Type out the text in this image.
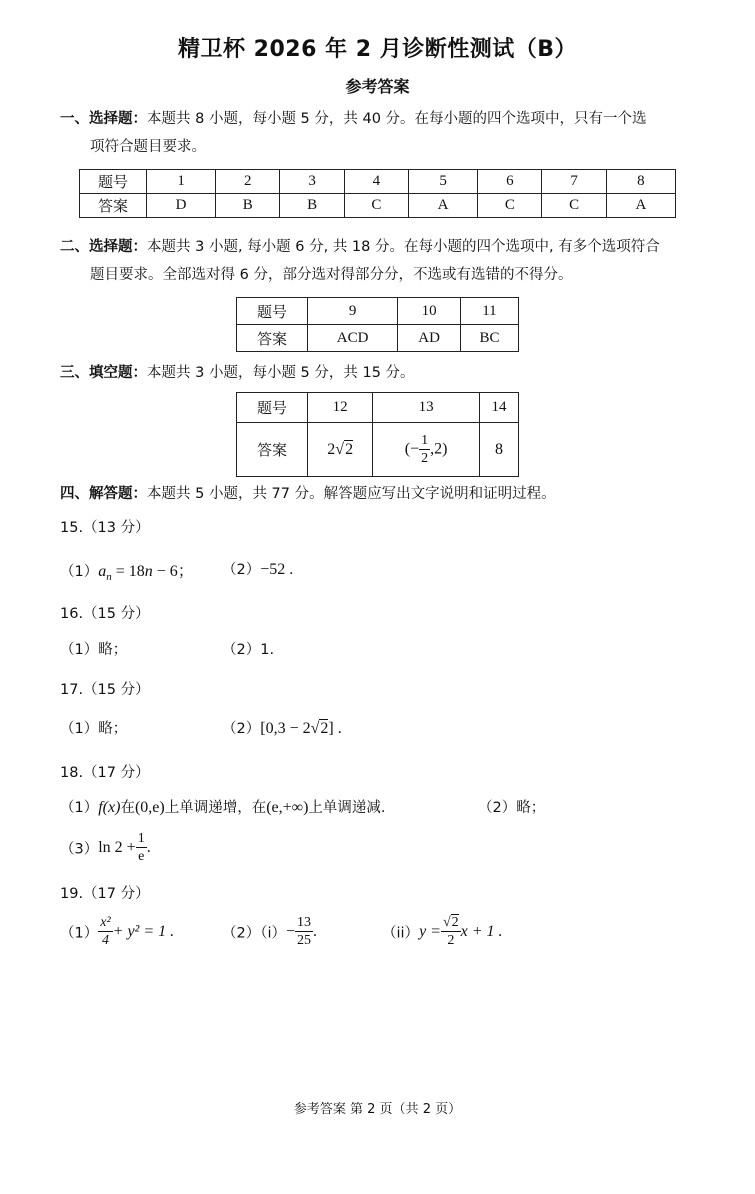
精卫杯 2026 年 2 月诊断性测试（B）
参考答案
一、选择题：本题共 8 小题，每小题 5 分，共 40 分。在每小题的四个选项中，只有一个选
项符合题目要求。
题号	1	2	3	4	5	6	7	8
答案	D	B	B	C	A	C	C	A
二、选择题：本题共 3 小题, 每小题 6 分, 共 18 分。在每小题的四个选项中, 有多个选项符合
题目要求。全部选对得 6 分，部分选对得部分分，不选或有选错的不得分。
题号	9	10	11
答案	ACD	AD	BC
三、填空题：本题共 3 小题，每小题 5 分，共 15 分。
题号	12	13	14
答案	2√2	(− $\frac{1}{2} ,2$)	8
四、解答题：本题共 5 小题，共 77 分。解答题应写出文字说明和证明过程。
15.（13 分）
$(1)a_n = 18n - 6$； （2）−52 .
16.（15 分）
（1）略；	（2）1.
17.（15 分）
（1）略；	（2）[0,3 − 2√2] .
18.（17 分）
（1）f(x)在(0,e)上单调递增，在(e,+∞)上单调递减.	（2）略；
（3）ln $2 + \frac{1}{e}$ .
19.（17 分）
$(1) \frac{\text{x²}}{4} + y^2 = 1$ .	$(2)(i)- \frac{13}{25}$ .	$(ii)y = \frac{√2}{2}$ x + 1 .
参考答案 第 2 页（共 2 页）
